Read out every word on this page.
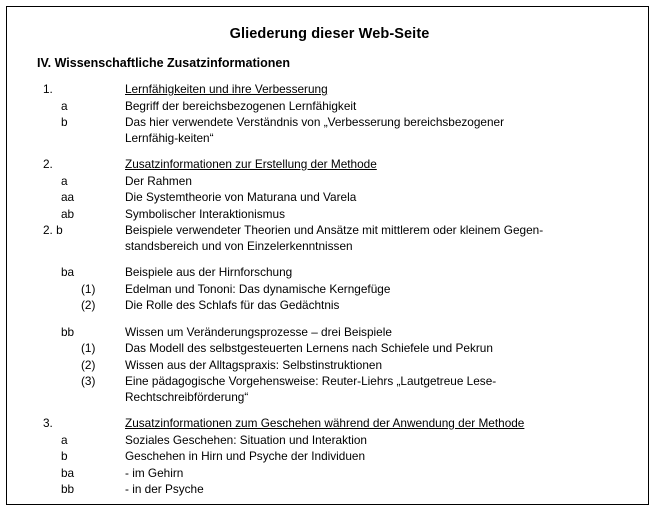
Gliederung dieser Web-Seite
IV. Wissenschaftliche Zusatzinformationen
1.	Lernfähigkeiten und ihre Verbesserung
a	Begriff der bereichsbezogenen Lernfähigkeit
b	Das hier verwendete Verständnis von „Verbesserung bereichsbezogener
Lernfähig-keiten“
2.	Zusatzinformationen zur Erstellung der Methode
a	Der Rahmen
aa	Die Systemtheorie von Maturana und Varela
ab	Symbolischer Interaktionismus
2. b	Beispiele verwendeter Theorien und Ansätze mit mittlerem oder kleinem Gegen-
standsbereich und von Einzelerkenntnissen
ba	Beispiele aus der Hirnforschung
(1)	Edelman und Tononi: Das dynamische Kerngefüge
(2)	Die Rolle des Schlafs für das Gedächtnis
bb	Wissen um Veränderungsprozesse – drei Beispiele
(1)	Das Modell des selbstgesteuerten Lernens nach Schiefele und Pekrun
(2)	Wissen aus der Alltagspraxis: Selbstinstruktionen
(3)	Eine pädagogische Vorgehensweise: Reuter-Liehrs „Lautgetreue Lese-
Rechtschreibförderung“
3.	Zusatzinformationen zum Geschehen während der Anwendung der Methode
a	Soziales Geschehen: Situation und Interaktion
b	Geschehen in Hirn und Psyche der Individuen
ba	- im Gehirn
bb	- in der Psyche
